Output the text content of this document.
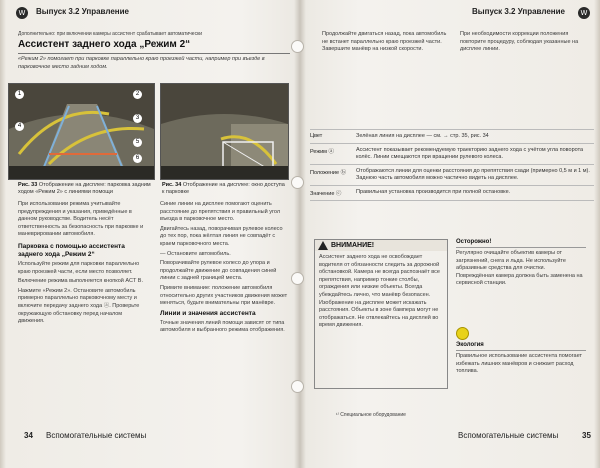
W	Выпуск 3.2 Управление
Дополнительно: при включении камеры ассистент срабатывает автоматически
Ассистент заднего хода „Режим 2“
«Режим 2» помогает при парковке параллельно краю проезжей части, например при въезде в парковочное место задним ходом.
1
4
2
3
5
6
Рис. 33 Отображение на дисплее: парковка задним ходом «Режим 2» с линиями помощи
Рис. 34 Отображение на дисплее: окно доступа к парковке

При использовании режима учитывайте предупреждения и указания, приведённые в данном руководстве. Водитель несёт ответственность за безопасность при парковке и маневрировании автомобиля.

Парковка с помощью ассистента заднего хода „Режим 2“

Используйте режим для парковки параллельно краю проезжей части, если место позволяет.

Включение режима выполняется кнопкой ACT B.

Нажмите «Режим 2». Остановите автомобиль примерно параллельно парковочному месту и включите передачу заднего хода ⓐ. Проверьте окружающую обстановку перед началом движения.

Синие линии на дисплее помогают оценить расстояние до препятствия и правильный угол въезда в парковочное место.

Двигайтесь назад, поворачивая рулевое колесо до тех пор, пока жёлтая линия не совпадёт с краем парковочного места.

— Остановите автомобиль.

Поворачивайте рулевое колесо до упора и продолжайте движение до совпадения синей линии с задней границей места.

Примите внимание: положение автомобиля относительно других участников движения может меняться, будьте внимательны при манёвре.

Линии и значения ассистента

Точные значения линий помощи зависят от типа автомобиля и выбранного режима отображения.

34 Вспомогательные системы
Выпуск 3.2 Управление	W
Продолжайте двигаться назад, пока автомобиль не встанет параллельно краю проезжей части. Завершите манёвр на низкой скорости.
При необходимости коррекции положения повторите процедуру, соблюдая указанные на дисплее линии.
Цвет	Зелёная линия на дисплее — см. → стр. 35, рис. 34
Режим ⓐ	Ассистент показывает рекомендуемую траекторию заднего хода с учётом угла поворота колёс. Линии смещаются при вращении рулевого колеса.
Положение ⓑ	Отображаются линии для оценки расстояния до препятствия сзади (примерно 0,5 м и 1 м). Заднюю часть автомобиля можно частично видеть на дисплее.
Значение ⓒ	Правильная установка производится при полной остановке.
ВНИМАНИЕ!
Ассистент заднего хода не освобождает водителя от обязанности следить за дорожной обстановкой. Камера не всегда распознаёт все препятствия, например тонкие столбы, ограждения или низкие объекты. Всегда убеждайтесь лично, что манёвр безопасен. Изображение на дисплее может искажать расстояния. Объекты в зоне бампера могут не отображаться. Не отвлекайтесь на дисплей во время движения.
Осторожно!
Регулярно очищайте объектив камеры от загрязнений, снега и льда. Не используйте абразивные средства для очистки. Повреждённая камера должна быть заменена на сервисной станции.
Экология
Правильное использование ассистента помогает избежать лишних манёвров и снижает расход топлива.
¹⁾ Специальное оборудование
Вспомогательные системы	35
